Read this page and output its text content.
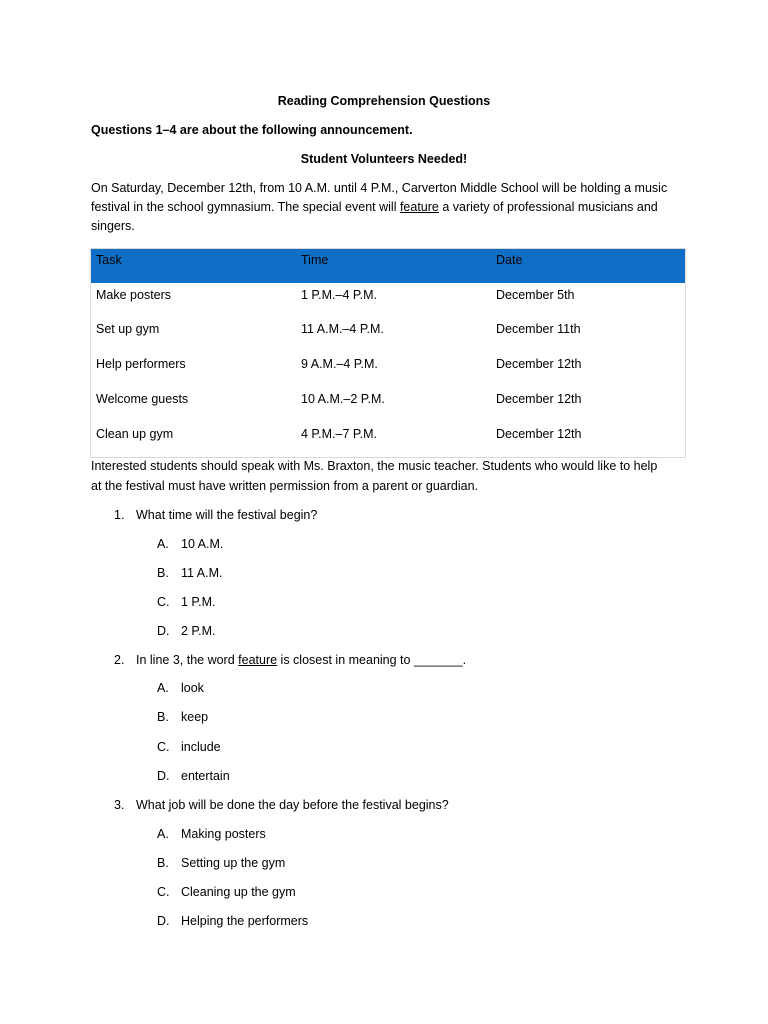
Reading Comprehension Questions
Questions 1–4 are about the following announcement.
Student Volunteers Needed!
On Saturday, December 12th, from 10 A.M. until 4 P.M., Carverton Middle School will be holding a music
festival in the school gymnasium. The special event will feature a variety of professional musicians and
singers.
Task	Time	Date
Make posters	1 P.M.–4 P.M.	December 5th
Set up gym	11 A.M.–4 P.M.	December 11th
Help performers	9 A.M.–4 P.M.	December 12th
Welcome guests	10 A.M.–2 P.M.	December 12th
Clean up gym	4 P.M.–7 P.M.	December 12th
Interested students should speak with Ms. Braxton, the music teacher. Students who would like to help
at the festival must have written permission from a parent or guardian.
1. What time will the festival begin?
A. 10 A.M.
B. 11 A.M.
C. 1 P.M.
D. 2 P.M.
2. In line 3, the word feature is closest in meaning to _______.
A. look
B. keep
C. include
D. entertain
3. What job will be done the day before the festival begins?
A. Making posters
B. Setting up the gym
C. Cleaning up the gym
D. Helping the performers
